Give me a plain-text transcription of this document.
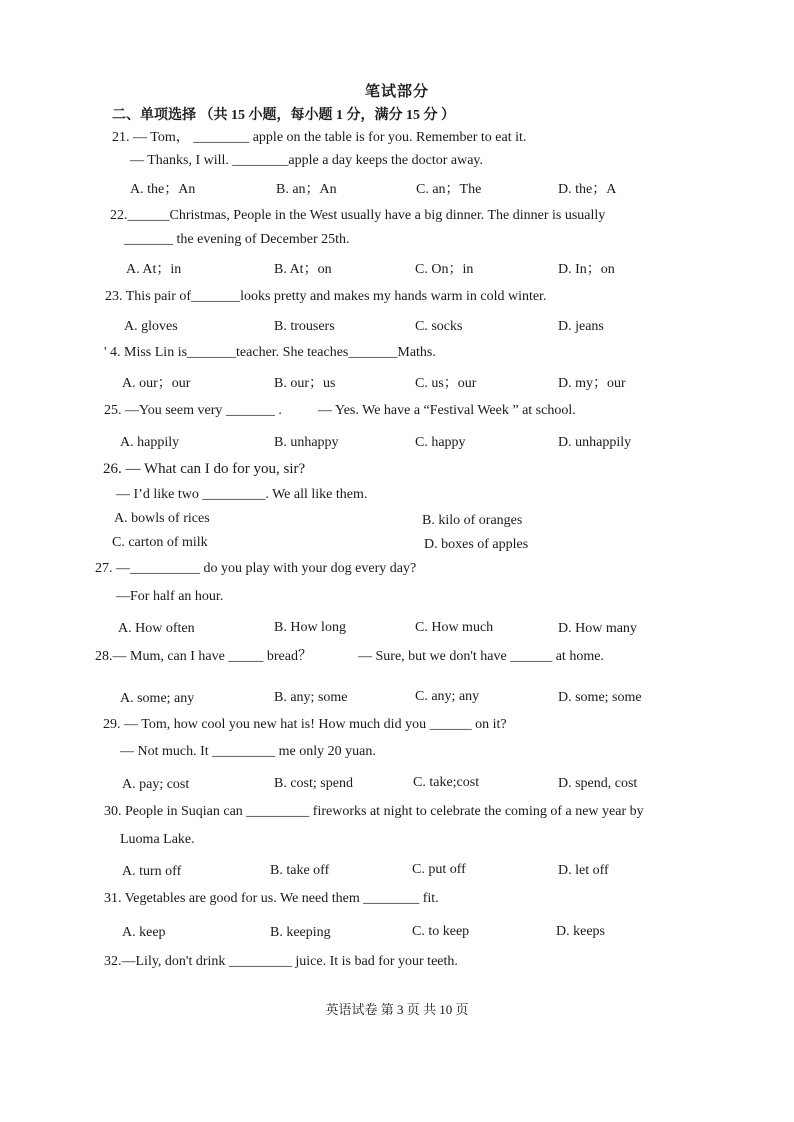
笔试部分
二、单项选择 （共 15 小题，每小题 1 分，满分 15 分 ）
21. — Tom， ________ apple on the table is for you. Remember to eat it.
— Thanks, I will. ________apple a day keeps the doctor away.
A. the；An	B. an；An	C. an；The	D. the；A
22.______Christmas, People in the West usually have a big dinner. The dinner is usually
_______ the evening of December 25th.
A. At；in	B. At；on	C. On；in	D. In；on
23. This pair of_______looks pretty and makes my hands warm in cold winter.
A. gloves	B. trousers	C. socks	D. jeans
' 4. Miss Lin is_______teacher. She teaches_______Maths.
A. our；our	B. our；us	C. us；our	D. my；our
25. —You seem very _______ .	— Yes. We have a “Festival Week ” at school.
A. happily	B. unhappy	C. happy	D. unhappily
26. — What can I do for you, sir?
— I’d like two _________. We all like them.
A. bowls of rices	B. kilo of oranges
C. carton of milk	D. boxes of apples
27. —__________ do you play with your dog every day?
—For half an hour.
A. How often	B. How long	C. How much	D. How many
28.— Mum, can I have _____ bread？	— Sure, but we don't have ______ at home.
A. some; any	B. any; some	C. any; any	D. some; some
29. — Tom, how cool you new hat is! How much did you ______ on it?
— Not much. It _________ me only 20 yuan.
A. pay; cost	B. cost; spend	C. take;cost	D. spend, cost
30. People in Suqian can _________ fireworks at night to celebrate the coming of a new year by
Luoma Lake.
A. turn off	B. take off	C. put off	D. let off
31. Vegetables are good for us. We need them ________ fit.
A. keep	B. keeping	C. to keep	D. keeps
32.—Lily, don't drink _________ juice. It is bad for your teeth.
英语试卷 第 3 页 共 10 页
